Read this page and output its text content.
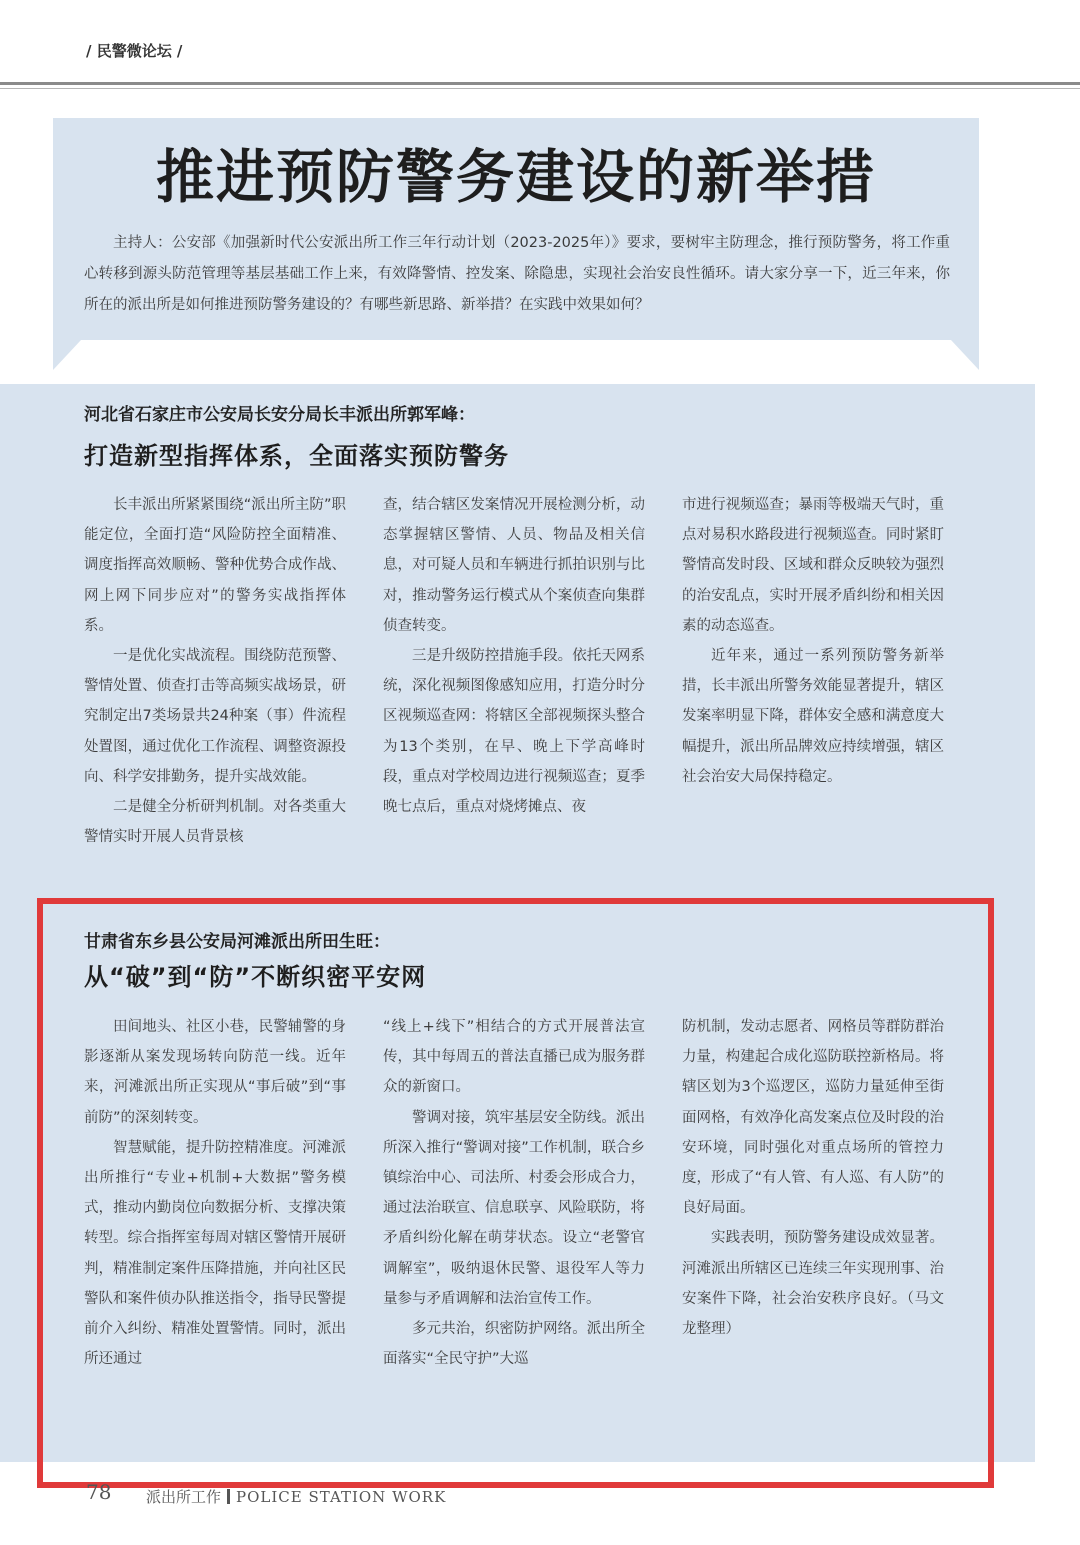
/ 民警微论坛 /
推进预防警务建设的新举措

主持人：公安部《加强新时代公安派出所工作三年行动计划（2023-2025年）》要求，要树牢主防理念，推行预防警务，将工作重心转移到源头防范管理等基层基础工作上来，有效降警情、控发案、除隐患，实现社会治安良性循环。请大家分享一下，近三年来，你所在的派出所是如何推进预防警务建设的？有哪些新思路、新举措？在实践中效果如何？

河北省石家庄市公安局长安分局长丰派出所郭军峰：
打造新型指挥体系，全面落实预防警务

长丰派出所紧紧围绕“派出所主防”职能定位，全面打造“风险防控全面精准、调度指挥高效顺畅、警种优势合成作战、网上网下同步应对”的警务实战指挥体系。

一是优化实战流程。围绕防范预警、警情处置、侦查打击等高频实战场景，研究制定出7类场景共24种案（事）件流程处置图，通过优化工作流程、调整资源投向、科学安排勤务，提升实战效能。

二是健全分析研判机制。对各类重大警情实时开展人员背景核

查，结合辖区发案情况开展检测分析，动态掌握辖区警情、人员、物品及相关信息，对可疑人员和车辆进行抓拍识别与比对，推动警务运行模式从个案侦查向集群侦查转变。

三是升级防控措施手段。依托天网系统，深化视频图像感知应用，打造分时分区视频巡查网：将辖区全部视频探头整合为13个类别，在早、晚上下学高峰时段，重点对学校周边进行视频巡查；夏季晚七点后，重点对烧烤摊点、夜

市进行视频巡查；暴雨等极端天气时，重点对易积水路段进行视频巡查。同时紧盯警情高发时段、区域和群众反映较为强烈的治安乱点，实时开展矛盾纠纷和相关因素的动态巡查。

近年来，通过一系列预防警务新举措，长丰派出所警务效能显著提升，辖区发案率明显下降，群体安全感和满意度大幅提升，派出所品牌效应持续增强，辖区社会治安大局保持稳定。

甘肃省东乡县公安局河滩派出所田生旺：
从“破”到“防”不断织密平安网

田间地头、社区小巷，民警辅警的身影逐渐从案发现场转向防范一线。近年来，河滩派出所正实现从“事后破”到“事前防”的深刻转变。

智慧赋能，提升防控精准度。河滩派出所推行“专业+机制+大数据”警务模式，推动内勤岗位向数据分析、支撑决策转型。综合指挥室每周对辖区警情开展研判，精准制定案件压降措施，并向社区民警队和案件侦办队推送指令，指导民警提前介入纠纷、精准处置警情。同时，派出所还通过

“线上+线下”相结合的方式开展普法宣传，其中每周五的普法直播已成为服务群众的新窗口。

警调对接，筑牢基层安全防线。派出所深入推行“警调对接”工作机制，联合乡镇综治中心、司法所、村委会形成合力，通过法治联宣、信息联享、风险联防，将矛盾纠纷化解在萌芽状态。设立“老警官调解室”，吸纳退休民警、退役军人等力量参与矛盾调解和法治宣传工作。

多元共治，织密防护网络。派出所全面落实“全民守护”大巡

防机制，发动志愿者、网格员等群防群治力量，构建起合成化巡防联控新格局。将辖区划为3个巡逻区，巡防力量延伸至街面网格，有效净化高发案点位及时段的治安环境，同时强化对重点场所的管控力度，形成了“有人管、有人巡、有人防”的良好局面。

实践表明，预防警务建设成效显著。河滩派出所辖区已连续三年实现刑事、治安案件下降，社会治安秩序良好。（马文龙整理）

78 派出所工作 POLICE STATION WORK
